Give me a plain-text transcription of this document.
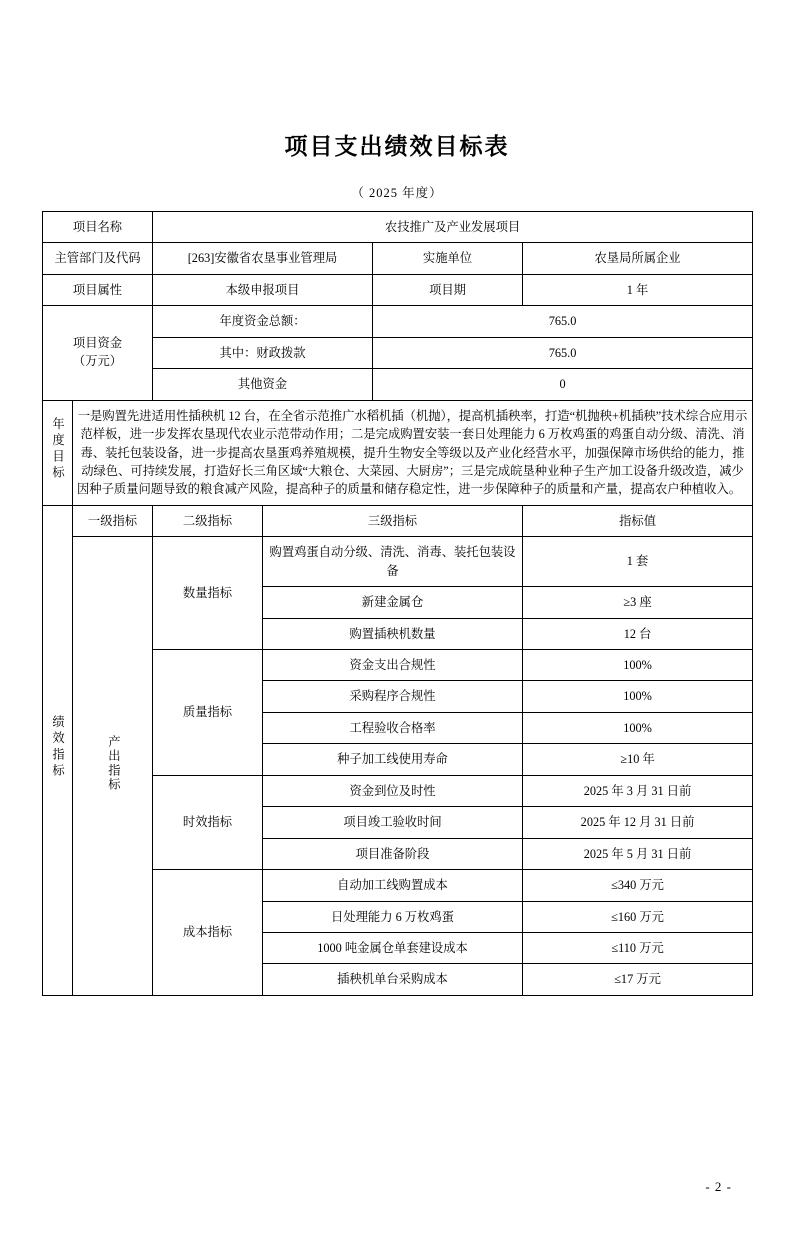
项目支出绩效目标表
（ 2025 年度）
项目名称		农技推广及产业发展项目			
主管部门及代码		[263]安徽省农垦事业管理局		实施单位	农垦局所属企业
项目属性		本级申报项目		项目期	1 年

项目资金
（万元）		年度资金总额：		765.0	
		其中：财政拨款		765.0	
		其他资金		0	
年度目标	一是购置先进适用性插秧机 12 台，在全省示范推广水稻机插（机抛），提高机插秧率，打造“机抛秧+机插秧”技术综合应用示范样板，进一步发挥农垦现代农业示范带动作用；二是完成购置安装一套日处理能力 6 万枚鸡蛋的鸡蛋自动分级、清洗、消毒、装托包装设备，进一步提高农垦蛋鸡养殖规模，提升生物安全等级以及产业化经营水平，加强保障市场供给的能力，推动绿色、可持续发展，打造好长三角区域“大粮仓、大菜园、大厨房”；三是完成皖垦种业种子生产加工设备升级改造，减少因种子质量问题导致的粮食减产风险，提高种子的质量和储存稳定性，进一步保障种子的质量和产量，提高农户种植收入。				
绩效指标	一级指标	二级指标	三级指标		指标值
	产出指标	数量指标	购置鸡蛋自动分级、清洗、消毒、装托包装设备		1 套
			新建金属仓		≥3 座
			购置插秧机数量		12 台
		质量指标	资金支出合规性		100%
			采购程序合规性		100%
			工程验收合格率		100%
			种子加工线使用寿命		≥10 年
		时效指标	资金到位及时性		2025 年 3 月 31 日前
			项目竣工验收时间		2025 年 12 月 31 日前
			项目准备阶段		2025 年 5 月 31 日前
		成本指标	自动加工线购置成本		≤340 万元
			日处理能力 6 万枚鸡蛋		≤160 万元
			1000 吨金属仓单套建设成本		≤110 万元
			插秧机单台采购成本		≤17 万元
- 2 -
